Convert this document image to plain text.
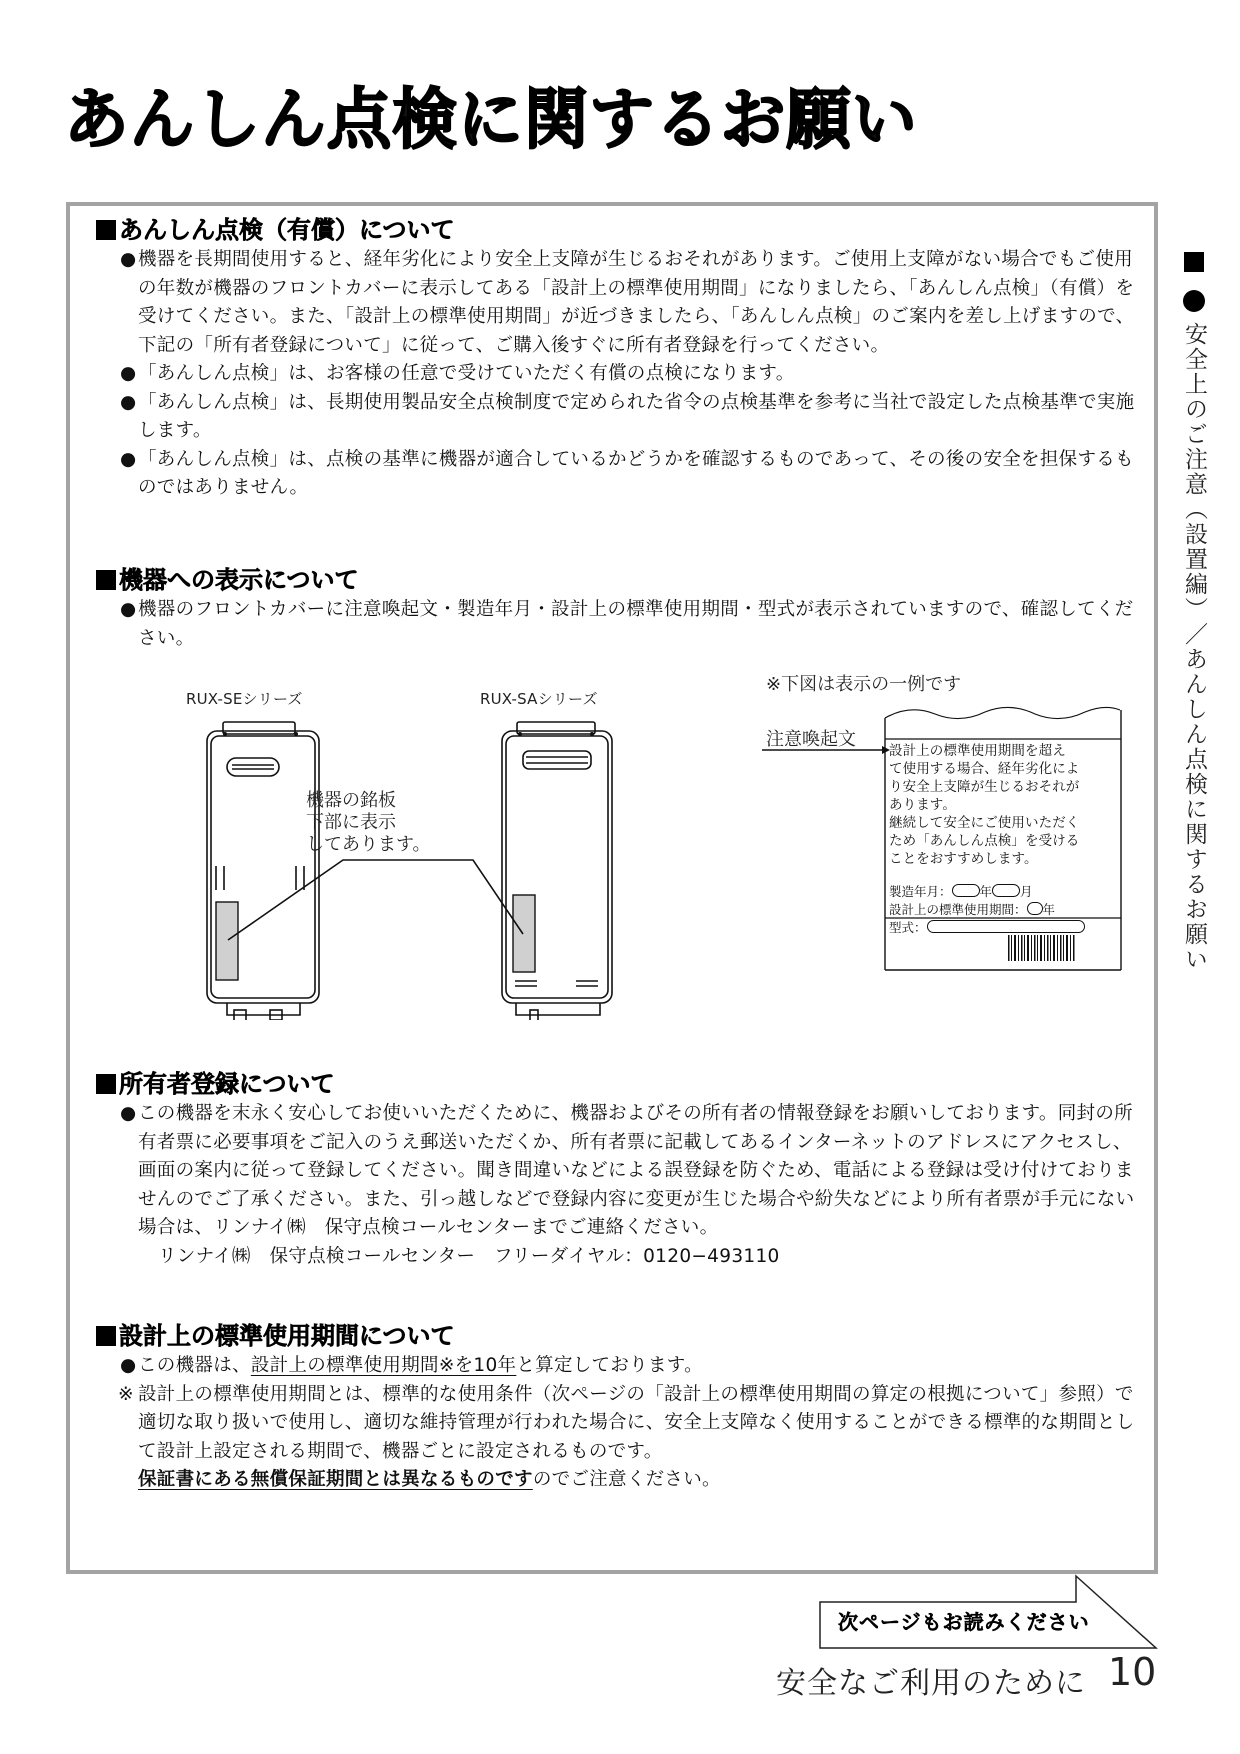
あんしん点検に関するお願い
あんしん点検（有償）について

● 機器を長期間使用すると、経年劣化により安全上支障が生じるおそれがあります。ご使用上支障がない場合でもご使用の年数が機器のフロントカバーに表示してある「設計上の標準使用期間」になりましたら、「あんしん点検」（有償）を受けてください。また、「設計上の標準使用期間」が近づきましたら、「あんしん点検」のご案内を差し上げますので、下記の「所有者登録について」に従って、ご購入後すぐに所有者登録を行ってください。

● 「あんしん点検」は、お客様の任意で受けていただく有償の点検になります。

● 「あんしん点検」は、長期使用製品安全点検制度で定められた省令の点検基準を参考に当社で設定した点検基準で実施します。

● 「あんしん点検」は、点検の基準に機器が適合しているかどうかを確認するものであって、その後の安全を担保するものではありません。

機器への表示について

● 機器のフロントカバーに注意喚起文・製造年月・設計上の標準使用期間・型式が表示されていますので、確認してください。

RUX-SEシリーズ	RUX-SAシリーズ
機器の銘板
下部に表示
してあります。
※下図は表示の一例です
注意喚起文
設計上の標準使用期間を超え
て使用する場合、経年劣化によ
り安全上支障が生じるおそれが
あります。
継続して安全にご使用いただく
ため「あんしん点検」を受ける
ことをおすすめします。
製造年月： 年 月
設計上の標準使用期間： 年
型式：
所有者登録について

● この機器を末永く安心してお使いいただくために、機器およびその所有者の情報登録をお願いしております。同封の所有者票に必要事項をご記入のうえ郵送いただくか、所有者票に記載してあるインターネットのアドレスにアクセスし、画面の案内に従って登録してください。聞き間違いなどによる誤登録を防ぐため、電話による登録は受け付けておりませんのでご了承ください。また、引っ越しなどで登録内容に変更が生じた場合や紛失などにより所有者票が手元にない場合は、リンナイ㈱　保守点検コールセンターまでご連絡ください。

リンナイ㈱　保守点検コールセンター　フリーダイヤル：0120−493110

設計上の標準使用期間について

● この機器は、設計上の標準使用期間※を10年と算定しております。

※ 設計上の標準使用期間とは、標準的な使用条件（次ページの「設計上の標準使用期間の算定の根拠について」参照）で適切な取り扱いで使用し、適切な維持管理が行われた場合に、安全上支障なく使用することができる標準的な期間として設計上設定される期間で、機器ごとに設定されるものです。

保証書にある無償保証期間とは異なるものですのでご注意ください。

安全上のご注意（設置編）／あんしん点検に関するお願い
次ページもお読みください
安全なご利用のために 10
